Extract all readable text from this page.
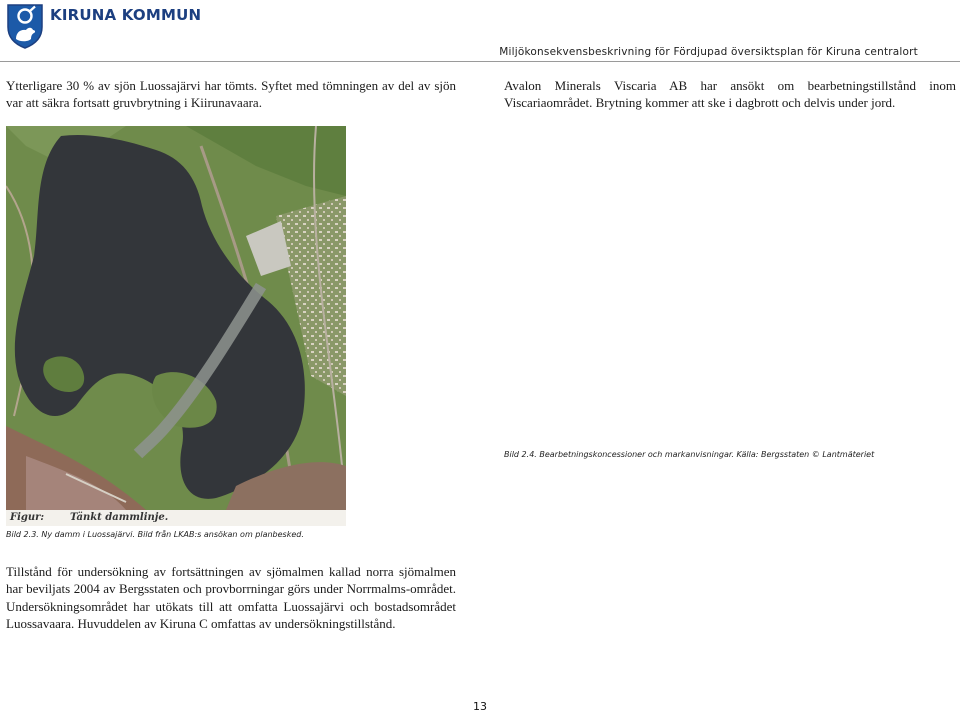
KIRUNA KOMMUN
Miljökonsekvensbeskrivning för Fördjupad översiktsplan för Kiruna centralort

Ytterligare 30 % av sjön Luossajärvi har tömts. Syftet med tömningen av del av sjön var att säkra fortsatt gruvbrytning i Kiirunavaara.

Avalon Minerals Viscaria AB har ansökt om bearbetningstillstånd inom Viscariaområdet. Brytning kommer att ske i dagbrott och delvis under jord.

Figur:	Tänkt dammlinje.
Bild 2.3. Ny damm i Luossajärvi. Bild från LKAB:s ansökan om planbesked.
Bild 2.4. Bearbetningskoncessioner och markanvisningar. Källa: Bergsstaten © Lantmäteriet

Tillstånd för undersökning av fortsättningen av sjömalmen kallad norra sjömalmen har beviljats 2004 av Bergsstaten och provborrningar görs under Norrmalms-området. Undersökningsområdet har utökats till att omfatta Luossajärvi och bostadsområdet Luossavaara. Huvuddelen av Kiruna C omfattas av undersökningstillstånd.

13
